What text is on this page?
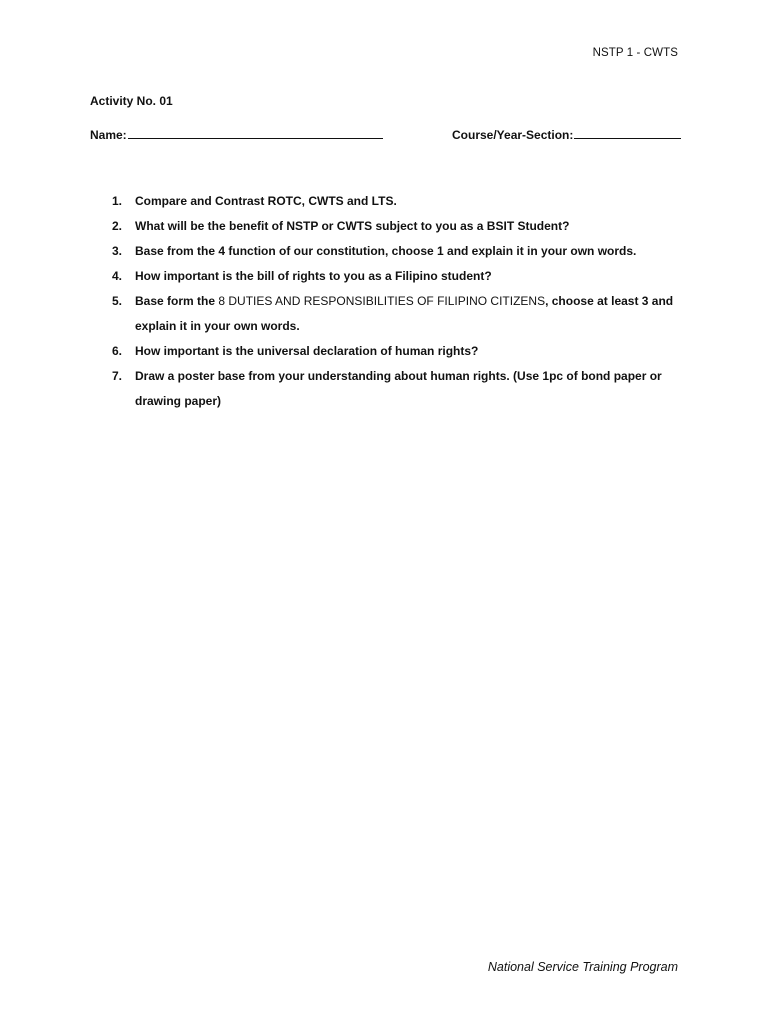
NSTP 1 - CWTS
Activity No. 01
Name:	Course/Year-Section:
1. Compare and Contrast ROTC, CWTS and LTS.
2. What will be the benefit of NSTP or CWTS subject to you as a BSIT Student?
3. Base from the 4 function of our constitution, choose 1 and explain it in your own words.
4. How important is the bill of rights to you as a Filipino student?
5. Base form the 8 DUTIES AND RESPONSIBILITIES OF FILIPINO CITIZENS, choose at least 3 and explain it in your own words.
6. How important is the universal declaration of human rights?
7. Draw a poster base from your understanding about human rights. (Use 1pc of bond paper or drawing paper)
National Service Training Program
